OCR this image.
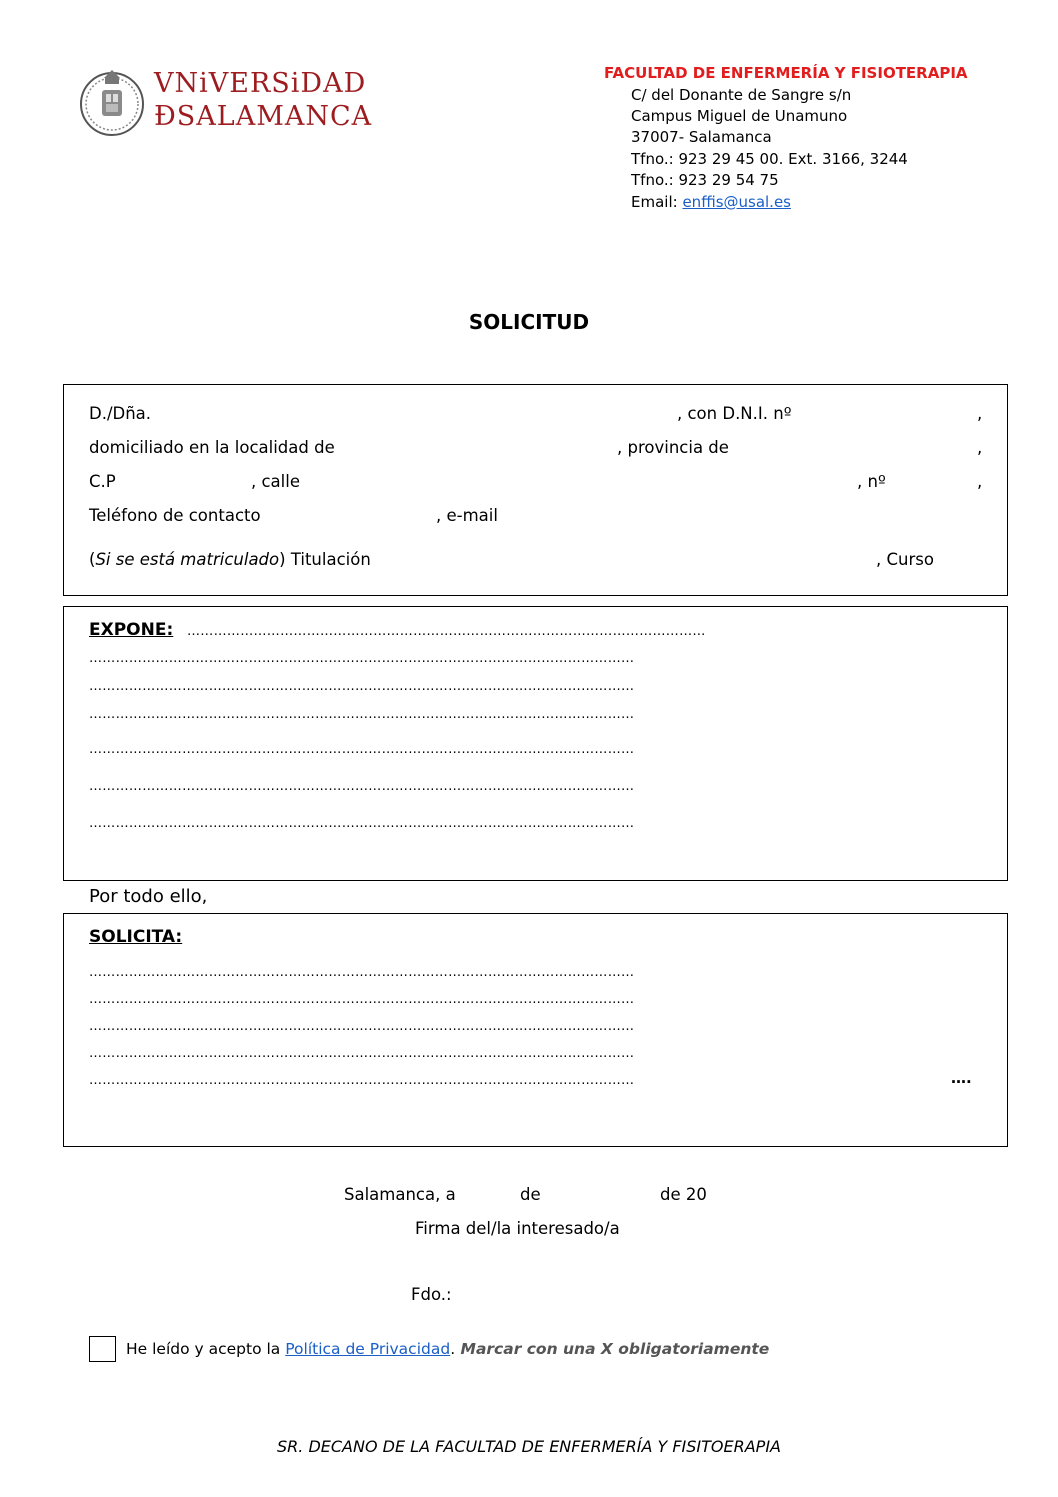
VNiVERSiDAD
ÐSALAMANCA
FACULTAD DE ENFERMERÍA Y FISIOTERAPIA
C/ del Donante de Sangre s/n
Campus Miguel de Unamuno
37007- Salamanca
Tfno.: 923 29 45 00. Ext. 3166, 3244
Tfno.: 923 29 54 75
Email: enffis@usal.es
SOLICITUD
D./Dña.	, con D.N.I. nº	,
domiciliado en la localidad de	, provincia de	,
C.P	, calle	, nº	,
Teléfono de contacto	, e-mail
(Si se está matriculado) Titulación	, Curso
EXPONE: ………………………………………………………………………………………………………
……………………………………………………………………………………………………………
……………………………………………………………………………………………………………
……………………………………………………………………………………………………………
……………………………………………………………………………………………………………
……………………………………………………………………………………………………………
……………………………………………………………………………………………………………
Por todo ello,
SOLICITA:
……………………………………………………………………………………………………………
……………………………………………………………………………………………………………
……………………………………………………………………………………………………………
……………………………………………………………………………………………………………
……………………………………………………………………………………………………………	….
Salamanca, a	de	de 20
Firma del/la interesado/a
Fdo.:
He leído y acepto la Política de Privacidad. Marcar con una X obligatoriamente
SR. DECANO DE LA FACULTAD DE ENFERMERÍA Y FISITOERAPIA
